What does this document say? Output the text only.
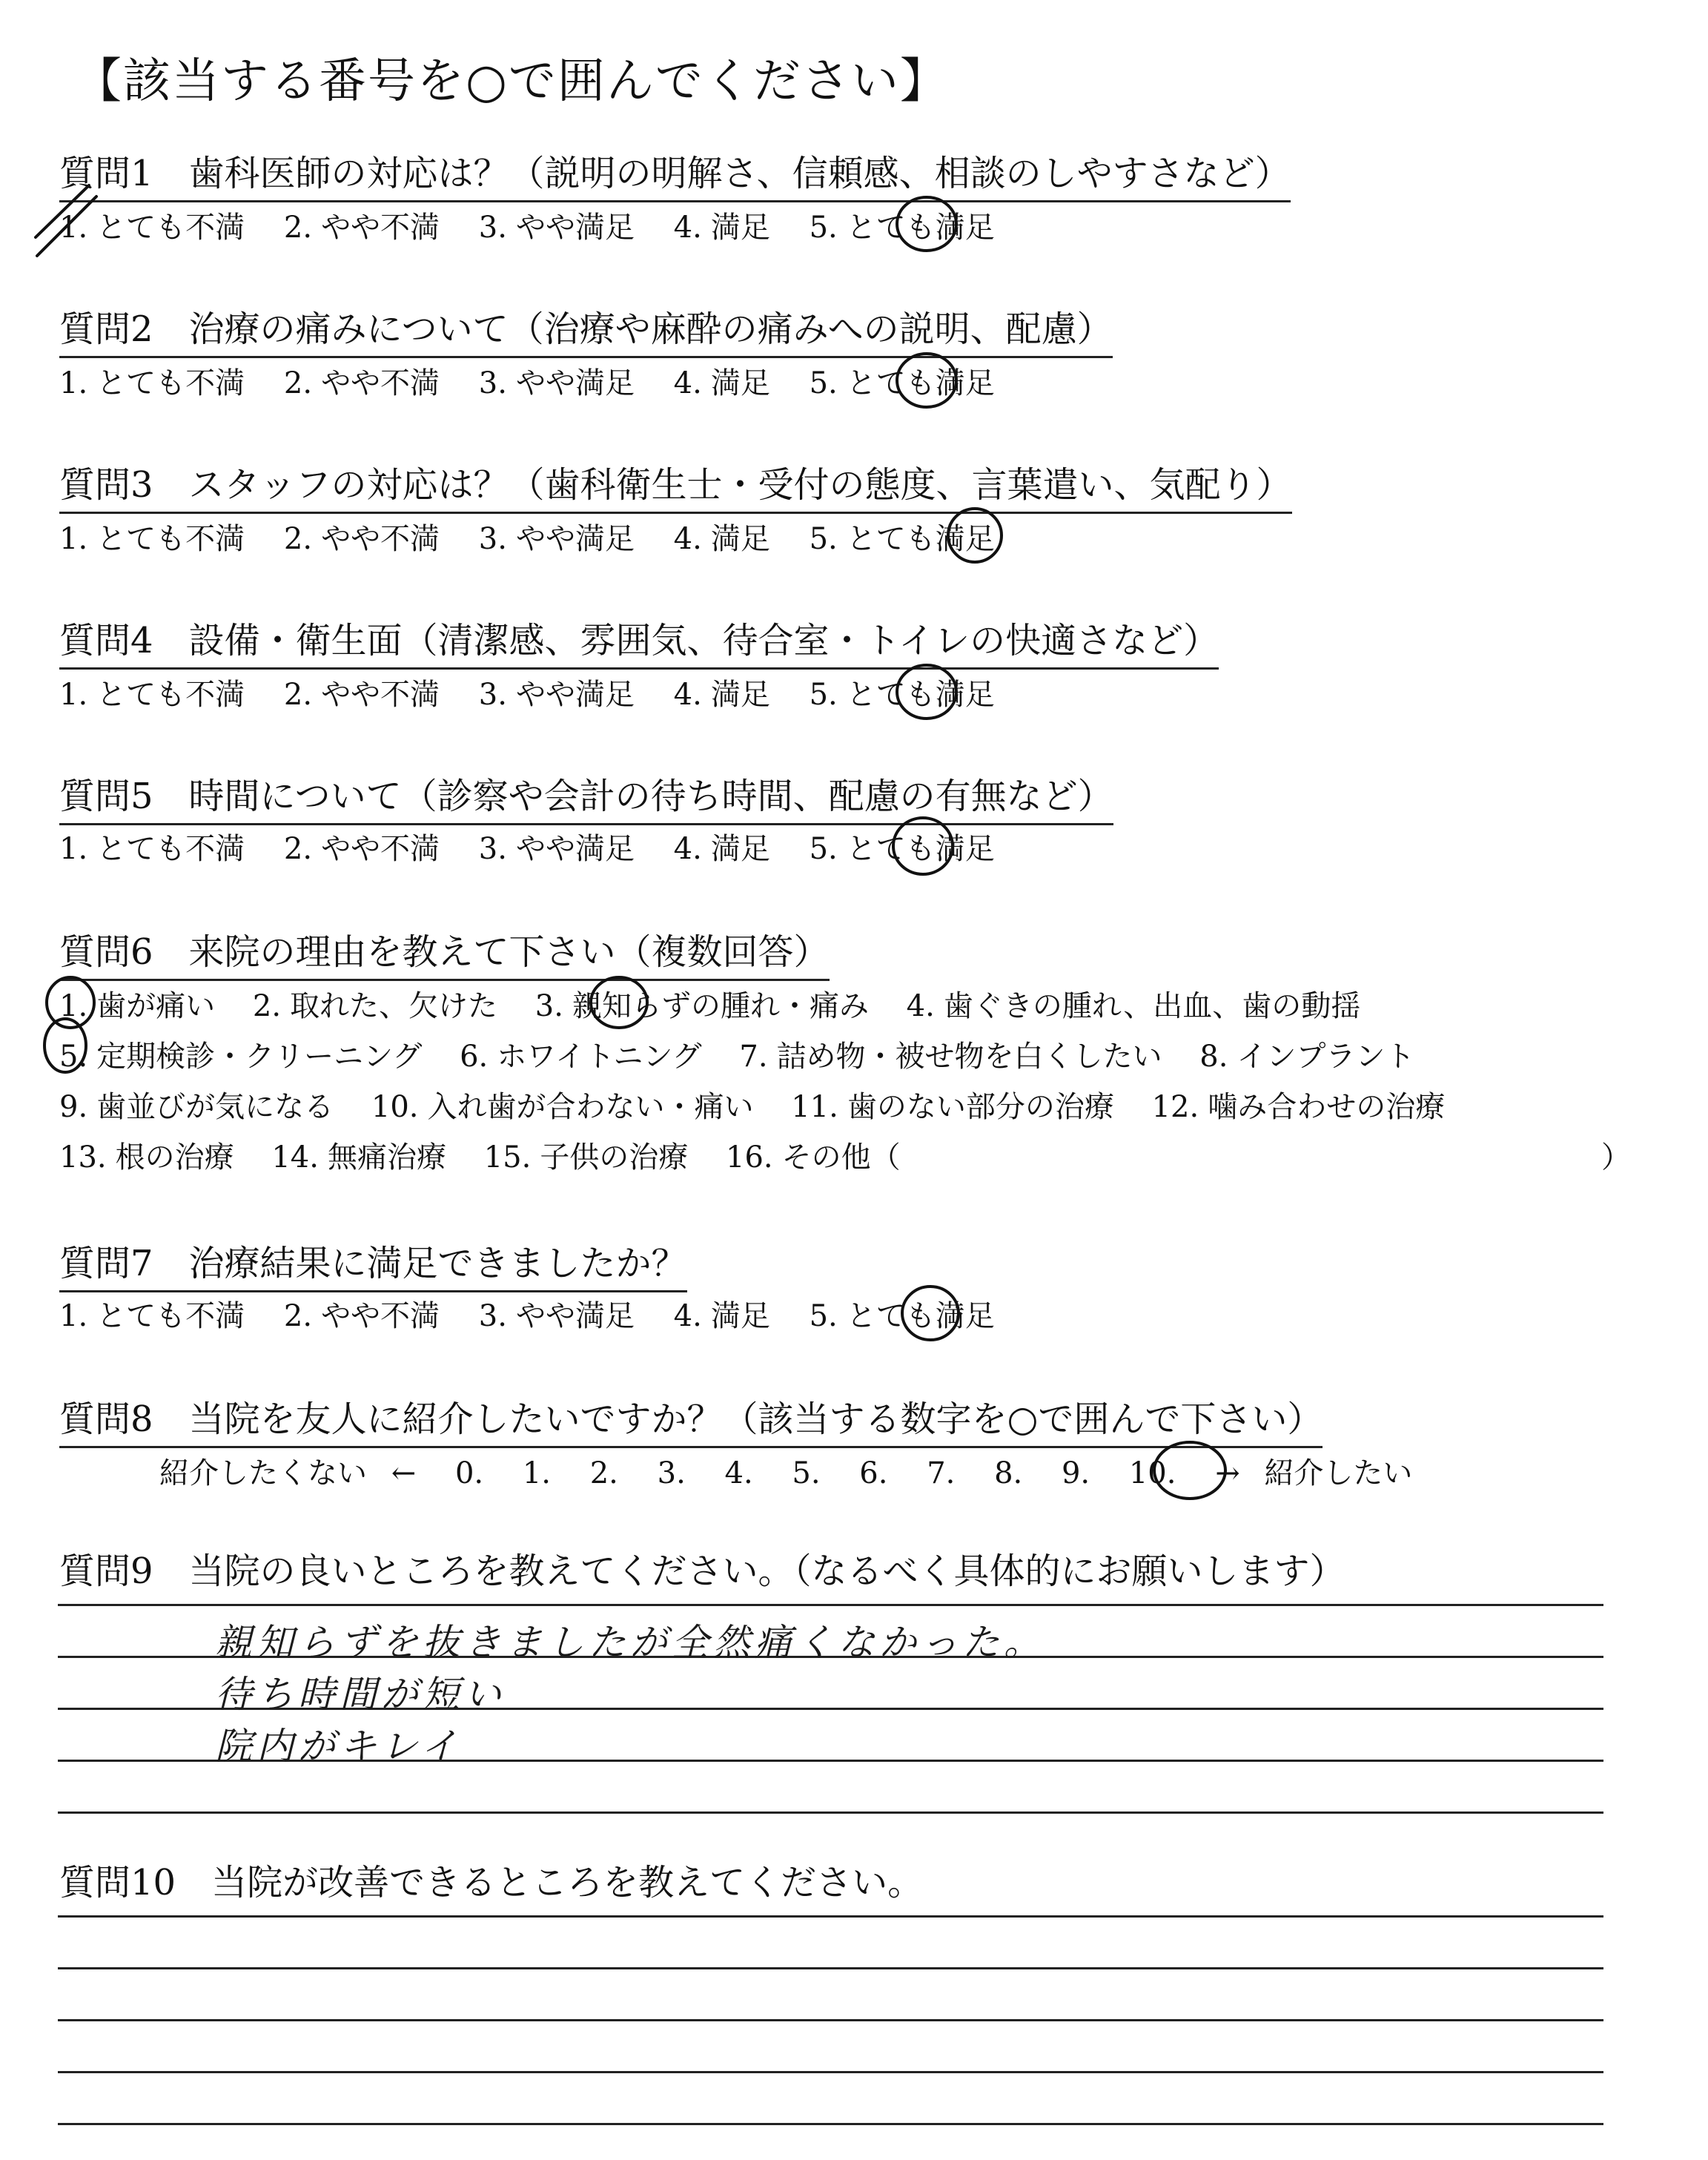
【該当する番号を○で囲んでください】
質問1　歯科医師の対応は？（説明の明解さ、信頼感、相談のしやすさなど）
1. とても不満 2. やや不満 3. やや満足 4. 満足 5. とても満足
質問2　治療の痛みについて（治療や麻酔の痛みへの説明、配慮）
1. とても不満 2. やや不満 3. やや満足 4. 満足 5. とても満足
質問3　スタッフの対応は？（歯科衛生士・受付の態度、言葉遣い、気配り）
1. とても不満 2. やや不満 3. やや満足 4. 満足 5. とても満足
質問4　設備・衛生面（清潔感、雰囲気、待合室・トイレの快適さなど）
1. とても不満 2. やや不満 3. やや満足 4. 満足 5. とても満足
質問5　時間について（診察や会計の待ち時間、配慮の有無など）
1. とても不満 2. やや不満 3. やや満足 4. 満足 5. とても満足
質問6　来院の理由を教えて下さい（複数回答）
1. 歯が痛い 2. 取れた、欠けた 3. 親知らずの腫れ・痛み 4. 歯ぐきの腫れ、出血、歯の動揺
5. 定期検診・クリーニング 6. ホワイトニング 7. 詰め物・被せ物を白くしたい 8. インプラント
9. 歯並びが気になる 10. 入れ歯が合わない・痛い 11. 歯のない部分の治療 12. 噛み合わせの治療
13. 根の治療 14. 無痛治療 15. 子供の治療 16. その他（	）
質問7　治療結果に満足できましたか？
1. とても不満 2. やや不満 3. やや満足 4. 満足 5. とても満足
質問8　当院を友人に紹介したいですか？（該当する数字を○で囲んで下さい）
紹介したくない ← 0. 1. 2. 3. 4. 5. 6. 7. 8. 9. 10. → 紹介したい
質問9　当院の良いところを教えてください。（なるべく具体的にお願いします）
親知らずを抜きましたが全然痛くなかった。
待ち時間が短い
院内がキレイ
質問10　当院が改善できるところを教えてください。
